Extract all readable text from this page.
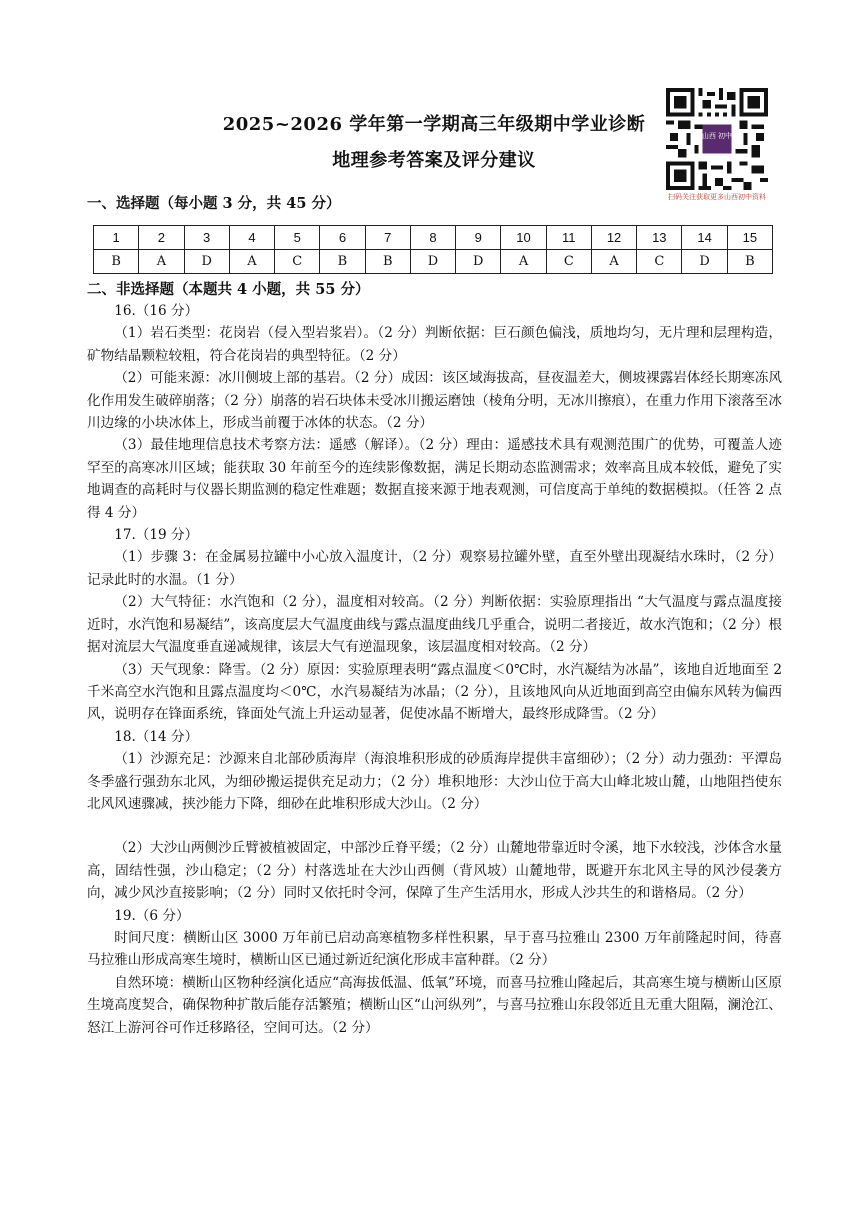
2025~2026 学年第一学期高三年级期中学业诊断
地理参考答案及评分建议
山西 初中
扫码关注获取更多山西初中资料
一、选择题（每小题 3 分，共 45 分）
1	2	3	4	5	6	7	8	9	10	11	12	13	14	15
B	A	D	A	C	B	B	D	D	A	C	A	C	D	B
二、非选择题（本题共 4 小题，共 55 分）

16.（16 分）

（1）岩石类型：花岗岩（侵入型岩浆岩）。（2 分）判断依据：巨石颜色偏浅，质地均匀，无片理和层理构造，矿物结晶颗粒较粗，符合花岗岩的典型特征。（2 分）

（2）可能来源：冰川侧坡上部的基岩。（2 分）成因：该区域海拔高，昼夜温差大，侧坡裸露岩体经长期寒冻风化作用发生破碎崩落；（2 分）崩落的岩石块体未受冰川搬运磨蚀（棱角分明，无冰川擦痕），在重力作用下滚落至冰川边缘的小块冰体上，形成当前覆于冰体的状态。（2 分）

（3）最佳地理信息技术考察方法：遥感（解译）。（2 分）理由：遥感技术具有观测范围广的优势，可覆盖人迹罕至的高寒冰川区域；能获取 30 年前至今的连续影像数据，满足长期动态监测需求；效率高且成本较低，避免了实地调查的高耗时与仪器长期监测的稳定性难题；数据直接来源于地表观测，可信度高于单纯的数据模拟。（任答 2 点得 4 分）

17.（19 分）

（1）步骤 3：在金属易拉罐中小心放入温度计，（2 分）观察易拉罐外壁，直至外壁出现凝结水珠时，（2 分）记录此时的水温。（1 分）

（2）大气特征：水汽饱和（2 分），温度相对较高。（2 分）判断依据：实验原理指出 “大气温度与露点温度接近时，水汽饱和易凝结”，该高度层大气温度曲线与露点温度曲线几乎重合，说明二者接近，故水汽饱和；（2 分）根据对流层大气温度垂直递减规律，该层大气有逆温现象，该层温度相对较高。（2 分）

（3）天气现象：降雪。（2 分）原因：实验原理表明“露点温度＜0℃时，水汽凝结为冰晶”，该地自近地面至 2 千米高空水汽饱和且露点温度均＜0℃，水汽易凝结为冰晶；（2 分），且该地风向从近地面到高空由偏东风转为偏西风，说明存在锋面系统，锋面处气流上升运动显著，促使冰晶不断增大，最终形成降雪。（2 分）

18.（14 分）

（1）沙源充足：沙源来自北部砂质海岸（海浪堆积形成的砂质海岸提供丰富细砂）；（2 分）动力强劲：平潭岛冬季盛行强劲东北风，为细砂搬运提供充足动力；（2 分）堆积地形：大沙山位于高大山峰北坡山麓，山地阻挡使东北风风速骤减，挟沙能力下降，细砂在此堆积形成大沙山。（2 分）

（2）大沙山两侧沙丘臂被植被固定，中部沙丘脊平缓；（2 分）山麓地带靠近时令溪，地下水较浅，沙体含水量高，固结性强，沙山稳定；（2 分）村落选址在大沙山西侧（背风坡）山麓地带，既避开东北风主导的风沙侵袭方向，减少风沙直接影响；（2 分）同时又依托时令河，保障了生产生活用水，形成人沙共生的和谐格局。（2 分）

19.（6 分）

时间尺度：横断山区 3000 万年前已启动高寒植物多样性积累，早于喜马拉雅山 2300 万年前隆起时间，待喜马拉雅山形成高寒生境时，横断山区已通过新近纪演化形成丰富种群。（2 分）

自然环境：横断山区物种经演化适应“高海拔低温、低氧”环境，而喜马拉雅山隆起后，其高寒生境与横断山区原生境高度契合，确保物种扩散后能存活繁殖；横断山区“山河纵列”，与喜马拉雅山东段邻近且无重大阻隔，澜沧江、怒江上游河谷可作迁移路径，空间可达。（2 分）
